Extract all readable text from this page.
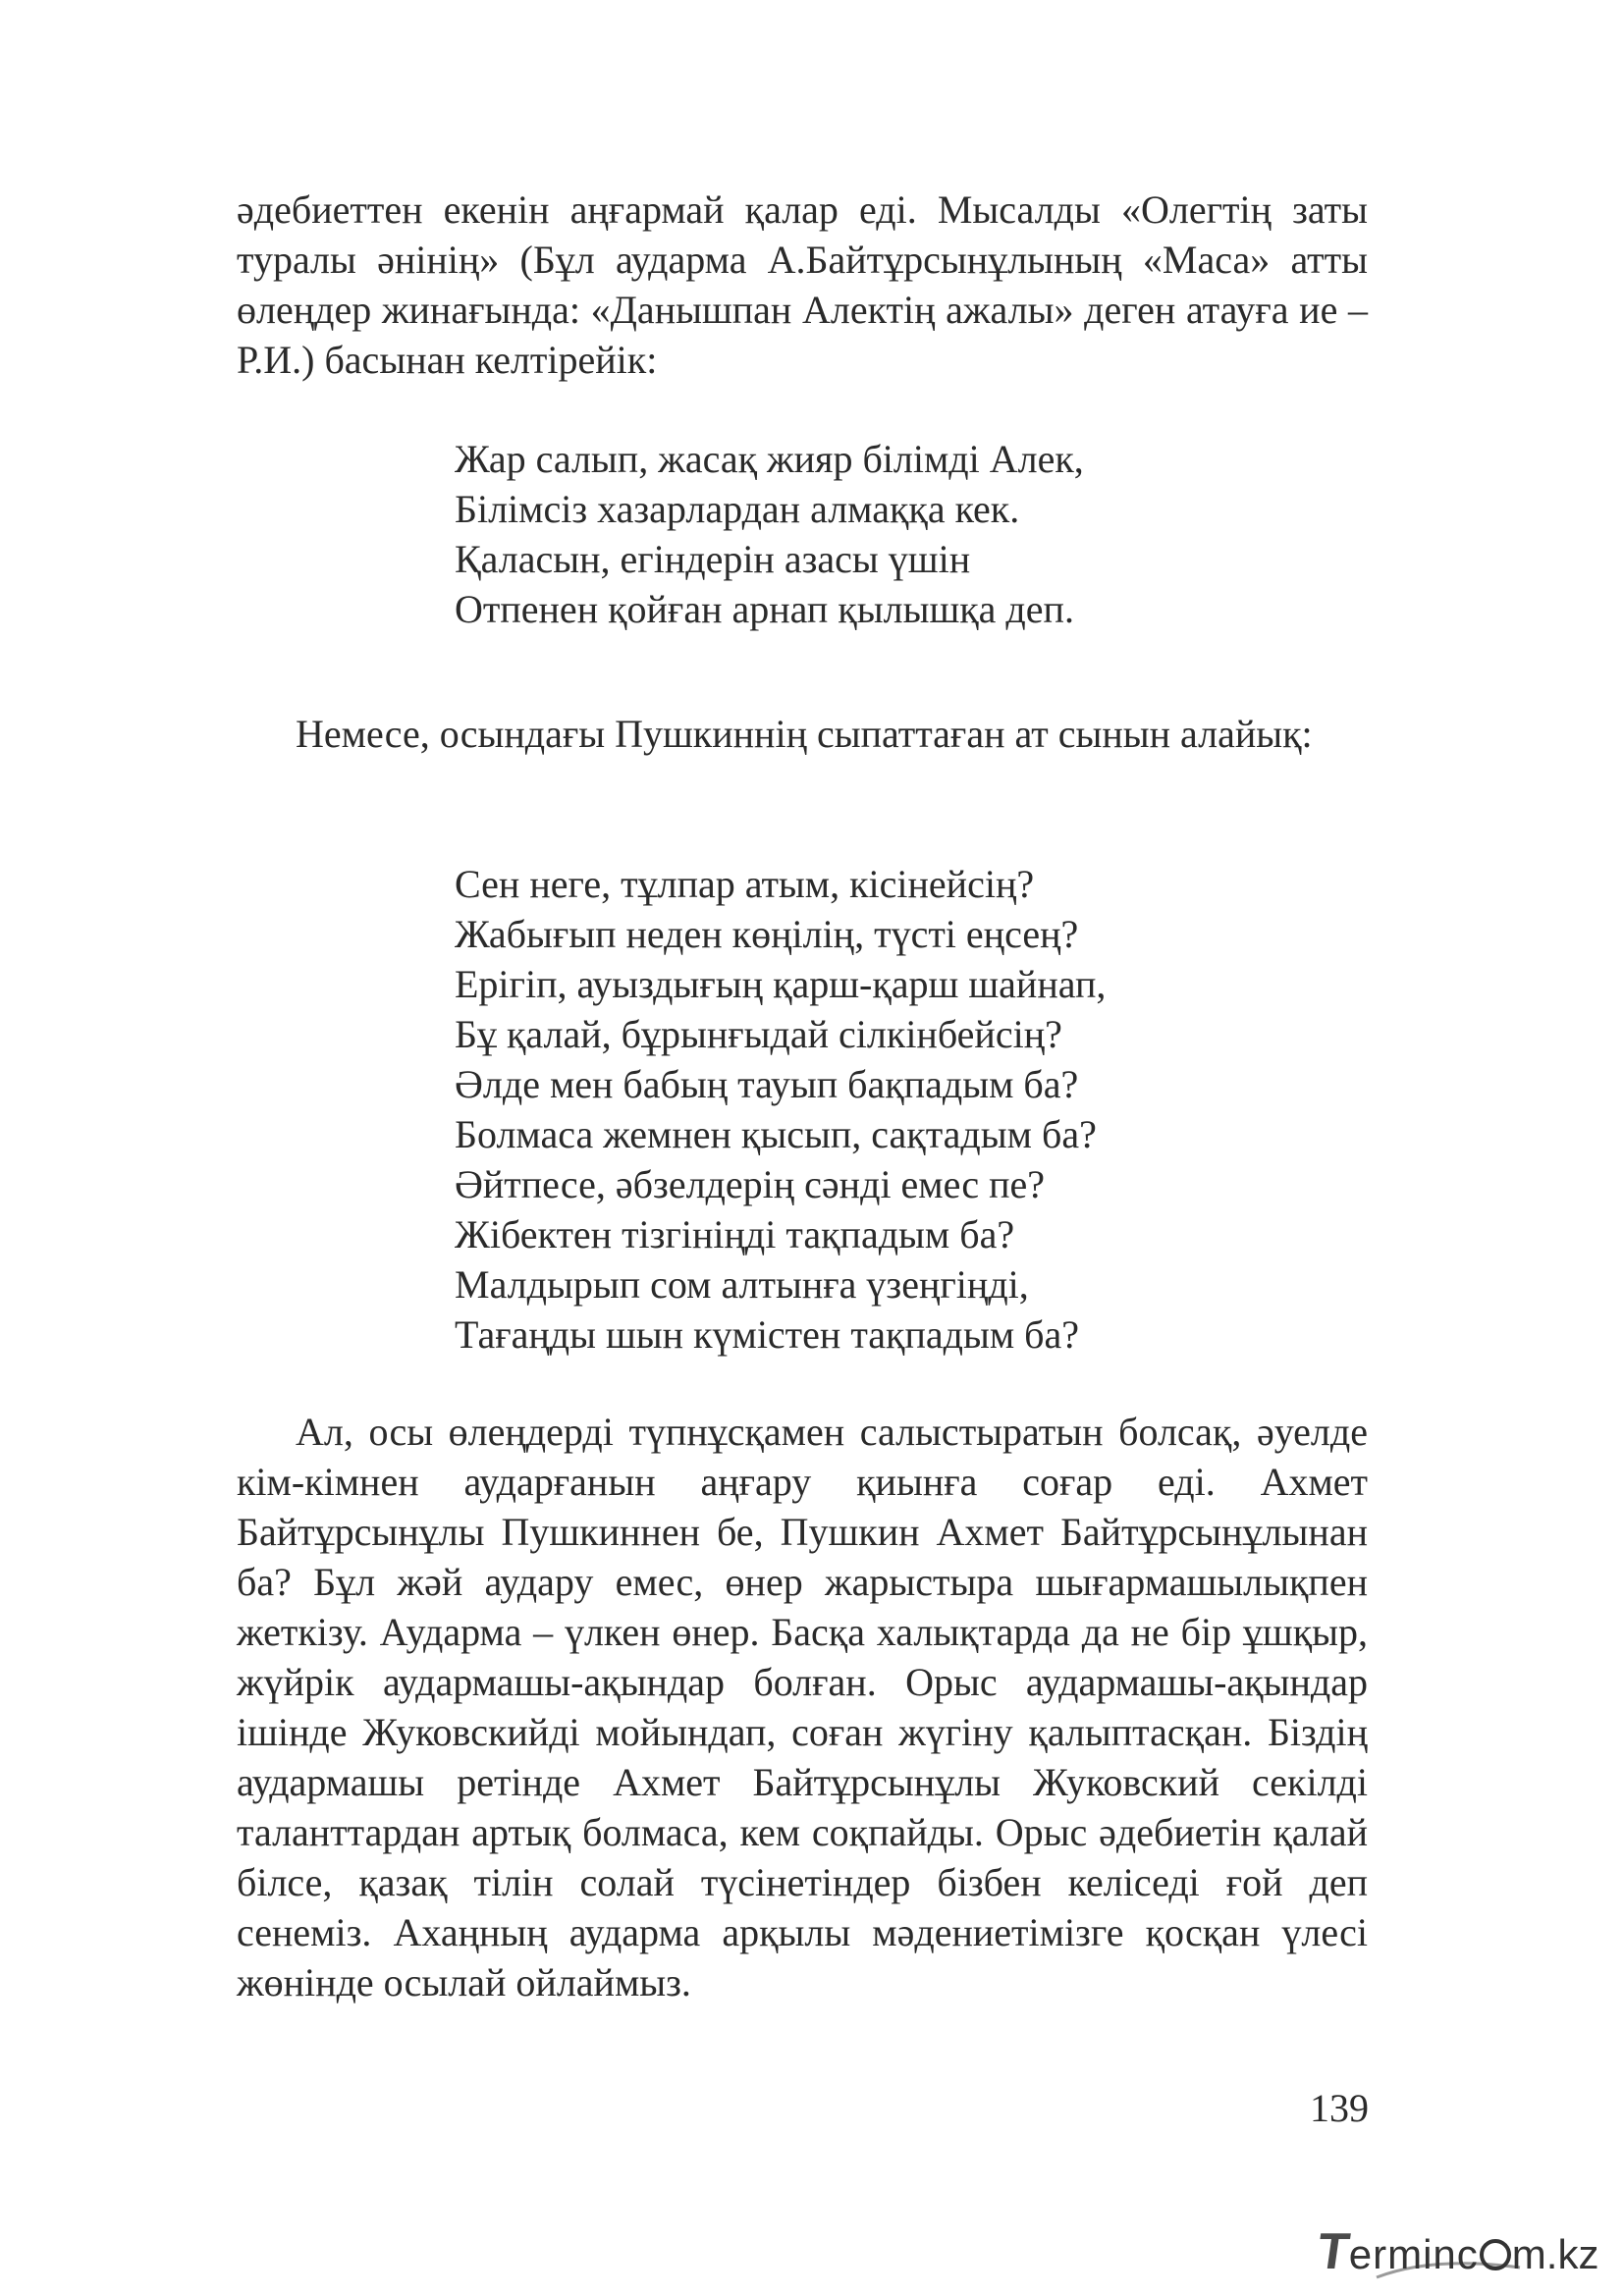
әдебиеттен екенін аңғармай қалар еді. Мысалды «Олегтің заты туралы әнінің» (Бұл аударма А.Байтұрсынұлының «Маса» атты өлеңдер жинағында: «Данышпан Алектің ажалы» деген атауға ие – Р.И.) басынан келтірейік:

Жар салып, жасақ жияр білімді Алек,
Білімсіз хазарлардан алмаққа кек.
Қаласын, егіндерін азасы үшін
Отпенен қойған арнап қылышқа деп.

Немесе, осындағы Пушкиннің сыпаттаған ат сынын алайық:

Сен неге, тұлпар атым, кісінейсің?
Жабығып неден көңілің, түсті еңсең?
Ерігіп, ауыздығың қарш-қарш шайнап,
Бұ қалай, бұрынғыдай сілкінбейсің?
Әлде мен бабың тауып бақпадым ба?
Болмаса жемнен қысып, сақтадым ба?
Әйтпесе, әбзелдерің сәнді емес пе?
Жібектен тізгініңді тақпадым ба?
Малдырып сом алтынға үзеңгіңді,
Тағаңды шын күмістен тақпадым ба?

Ал, осы өлеңдерді түпнұсқамен салыстыратын болсақ, әуелде кім-кімнен аударғанын аңғару қиынға соғар еді. Ахмет Байтұрсынұлы Пушкиннен бе, Пушкин Ахмет Байтұрсынұлынан ба? Бұл жәй аудару емес, өнер жарыстыра шығармашылықпен жеткізу. Аударма – үлкен өнер. Басқа халықтарда да не бір ұшқыр, жүйрік аудармашы-ақындар болған. Орыс аудармашы-ақындар ішінде Жуковскийді мойындап, соған жүгіну қалыптасқан. Біздің аудармашы ретінде Ахмет Байтұрсынұлы Жуковский секілді таланттардан артық болмаса, кем соқпайды. Орыс әдебиетін қалай білсе, қазақ тілін солай түсінетіндер бізбен келіседі ғой деп сенеміз. Ахаңның аударма арқылы мәдениетімізге қосқан үлесі жөнінде осылай ойлаймыз.

139
Terminc m.kz
